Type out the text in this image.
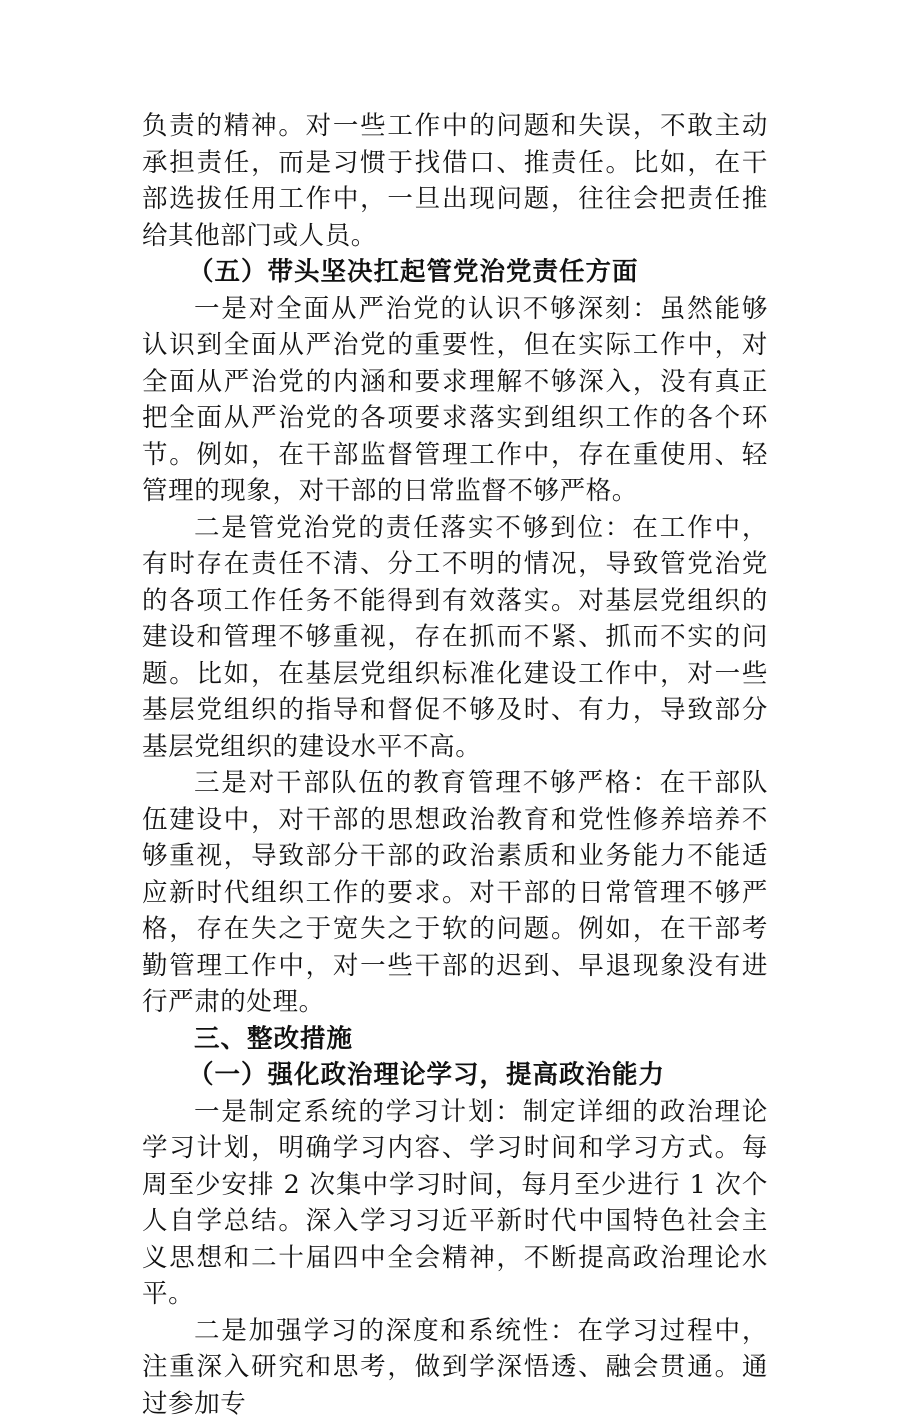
负责的精神。对一些工作中的问题和失误，不敢主动承担责任，而是习惯于找借口、推责任。比如，在干部选拔任用工作中，一旦出现问题，往往会把责任推给其他部门或人员。

（五）带头坚决扛起管党治党责任方面

一是对全面从严治党的认识不够深刻：虽然能够认识到全面从严治党的重要性，但在实际工作中，对全面从严治党的内涵和要求理解不够深入，没有真正把全面从严治党的各项要求落实到组织工作的各个环节。例如，在干部监督管理工作中，存在重使用、轻管理的现象，对干部的日常监督不够严格。

二是管党治党的责任落实不够到位：在工作中，有时存在责任不清、分工不明的情况，导致管党治党的各项工作任务不能得到有效落实。对基层党组织的建设和管理不够重视，存在抓而不紧、抓而不实的问题。比如，在基层党组织标准化建设工作中，对一些基层党组织的指导和督促不够及时、有力，导致部分基层党组织的建设水平不高。

三是对干部队伍的教育管理不够严格：在干部队伍建设中，对干部的思想政治教育和党性修养培养不够重视，导致部分干部的政治素质和业务能力不能适应新时代组织工作的要求。对干部的日常管理不够严格，存在失之于宽失之于软的问题。例如，在干部考勤管理工作中，对一些干部的迟到、早退现象没有进行严肃的处理。

三、整改措施

（一）强化政治理论学习，提高政治能力

一是制定系统的学习计划：制定详细的政治理论学习计划，明确学习内容、学习时间和学习方式。每周至少安排 2 次集中学习时间，每月至少进行 1 次个人自学总结。深入学习习近平新时代中国特色社会主义思想和二十届四中全会精神，不断提高政治理论水平。

二是加强学习的深度和系统性：在学习过程中，注重深入研究和思考，做到学深悟透、融会贯通。通过参加专
